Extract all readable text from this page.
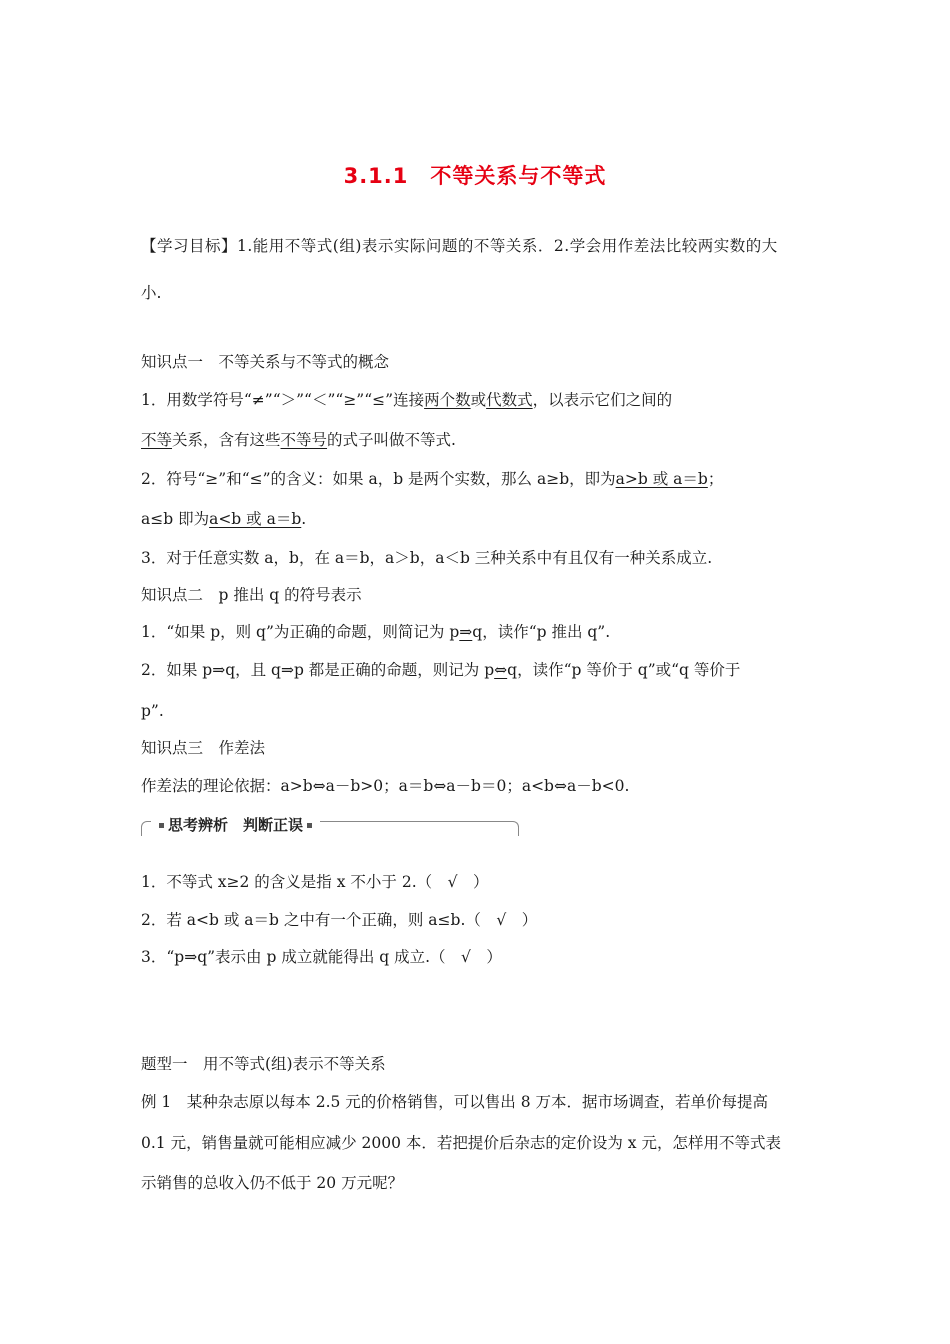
3.1.1　不等关系与不等式
【学习目标】1.能用不等式(组)表示实际问题的不等关系．2.学会用作差法比较两实数的大
小.
知识点一　不等关系与不等式的概念
1．用数学符号“≠”“＞”“＜”“≥”“≤”连接两个数或代数式，以表示它们之间的
不等关系，含有这些不等号的式子叫做不等式.
2．符号“≥”和“≤”的含义：如果 a，b 是两个实数，那么 a≥b，即为a>b 或 a＝b；
a≤b 即为a<b 或 a＝b.
3．对于任意实数 a，b，在 a＝b，a＞b，a＜b 三种关系中有且仅有一种关系成立.
知识点二　p 推出 q 的符号表示
1．“如果 p，则 q”为正确的命题，则简记为 p⇒q，读作“p 推出 q”.
2．如果 p⇒q，且 q⇒p 都是正确的命题，则记为 p⇔q，读作“p 等价于 q”或“q 等价于
p”.
知识点三　作差法
作差法的理论依据：a>b⇔a－b>0；a＝b⇔a－b＝0；a<b⇔a－b<0.
思考辨析　判断正误
1．不等式 x≥2 的含义是指 x 不小于 2.（　√　）
2．若 a<b 或 a＝b 之中有一个正确，则 a≤b.（　√　）
3．“p⇒q”表示由 p 成立就能得出 q 成立.（　√　）
题型一　用不等式(组)表示不等关系
例 1　某种杂志原以每本 2.5 元的价格销售，可以售出 8 万本．据市场调查，若单价每提高
0.1 元，销售量就可能相应减少 2000 本．若把提价后杂志的定价设为 x 元，怎样用不等式表
示销售的总收入仍不低于 20 万元呢？
